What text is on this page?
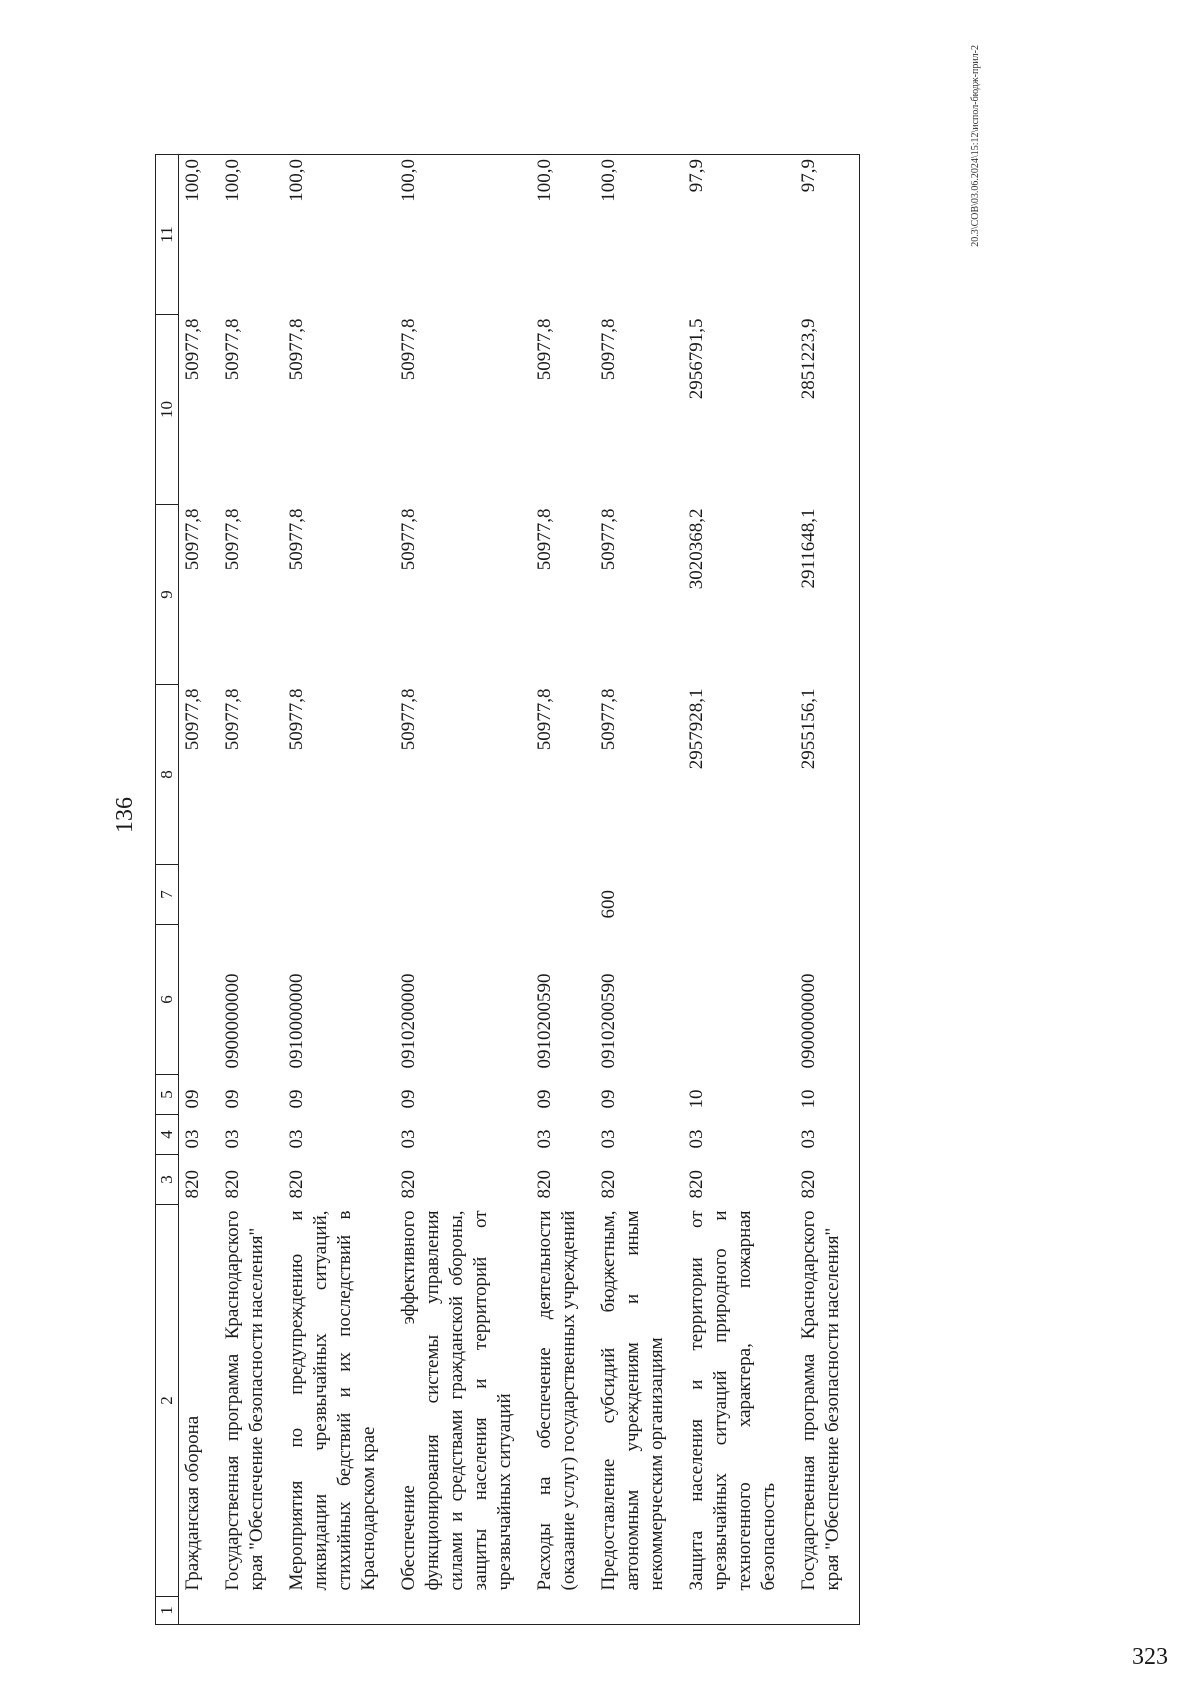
323
136
20.3\СОВ\03.06.2024\15:12\испол-бюдж-прил-2
1	2	3	4	5	6	7	8	9	10	11
	Гражданская оборона	820	03	09			50977,8	50977,8	50977,8	100,0
	Государственная программа Краснодарского края "Обеспечение безопасности населения"	820	03	09	0900000000		50977,8	50977,8	50977,8	100,0
	Мероприятия по предупреждению и ликвидации чрезвычайных ситуаций, стихийных бедствий и их последствий в Краснодарском крае	820	03	09	0910000000		50977,8	50977,8	50977,8	100,0
	Обеспечение эффективного функционирования системы управления силами и средствами гражданской обороны, защиты населения и территорий от чрезвычайных ситуаций	820	03	09	0910200000		50977,8	50977,8	50977,8	100,0
	Расходы на обеспечение деятельности (оказание услуг) государственных учреждений	820	03	09	0910200590		50977,8	50977,8	50977,8	100,0
	Предоставление субсидий бюджетным, автономным учреждениям и иным некоммерческим организациям	820	03	09	0910200590	600	50977,8	50977,8	50977,8	100,0
	Защита населения и территории от чрезвычайных ситуаций природного и техногенного характера, пожарная безопасность	820	03	10			2957928,1	3020368,2	2956791,5	97,9
	Государственная программа Краснодарского края "Обеспечение безопасности населения"	820	03	10	0900000000		2955156,1	2911648,1	2851223,9	97,9
